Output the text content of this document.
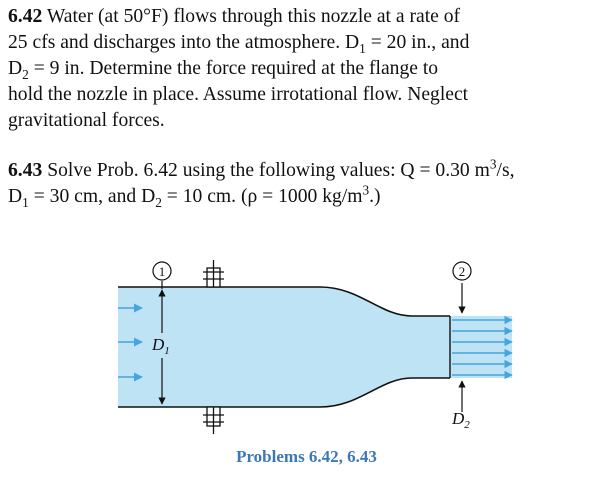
6.42 Water (at 50°F) flows through this nozzle at a rate of
25 cfs and discharges into the atmosphere. $D_1 = 20$ in., and
$D_2 = 9$ in. Determine the force required at the flange to
hold the nozzle in place. Assume irrotational flow. Neglect
gravitational forces.

6.43 Solve Prob. 6.42 using the following values: Q = 0.30 $m^3/s$,
$D_1 = 30$ cm, and $D_2 = 10$ cm. (ρ = 1000 $kg/m^3$.)

$D_1$
1	2
$D_2$
Problems 6.42, 6.43
